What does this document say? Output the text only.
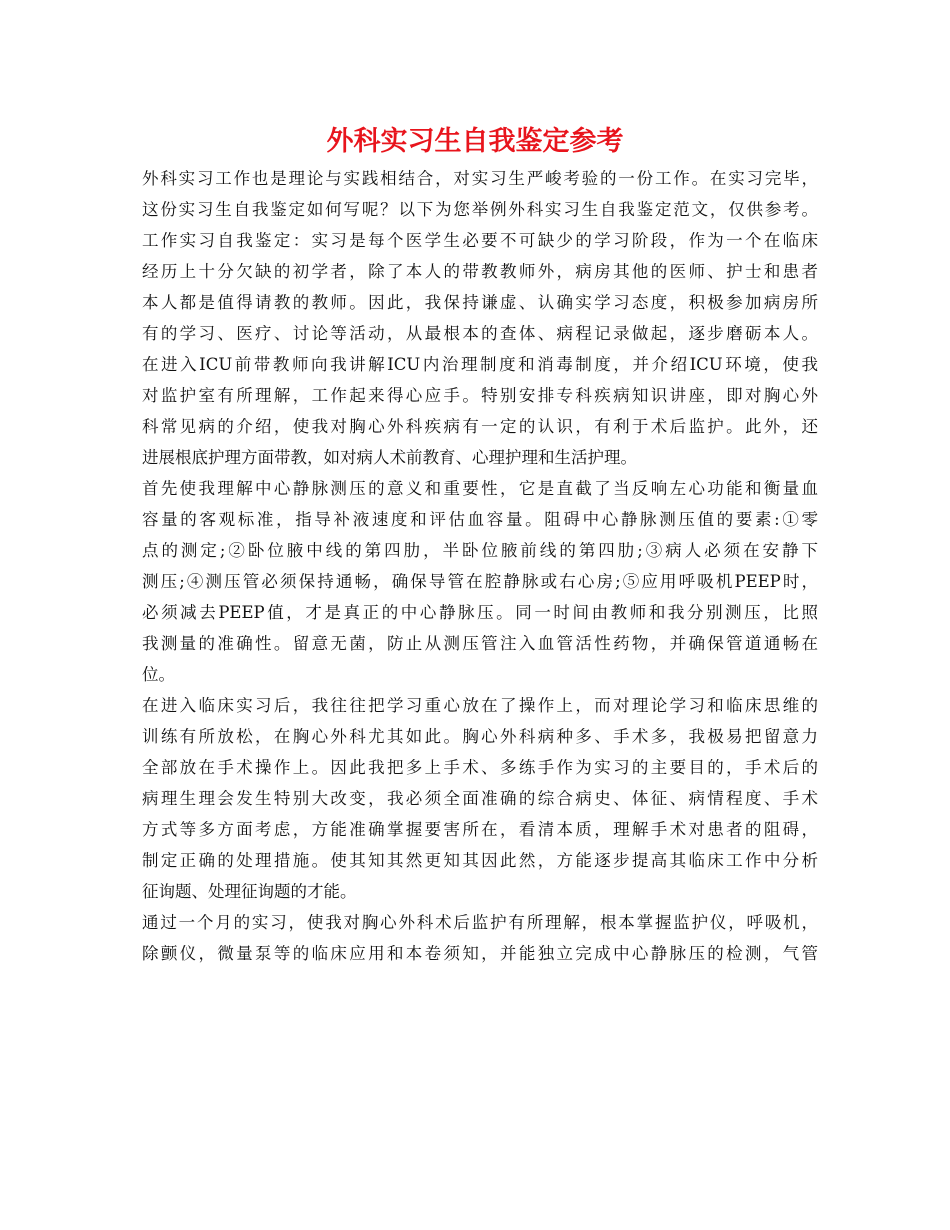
外科实习生自我鉴定参考
外科实习工作也是理论与实践相结合，对实习生严峻考验的一份工作。在实习完毕，
这份实习生自我鉴定如何写呢？以下为您举例外科实习生自我鉴定范文，仅供参考。
工作实习自我鉴定：实习是每个医学生必要不可缺少的学习阶段，作为一个在临床
经历上十分欠缺的初学者，除了本人的带教教师外，病房其他的医师、护士和患者
本人都是值得请教的教师。因此，我保持谦虚、认确实学习态度，积极参加病房所
有的学习、医疗、讨论等活动，从最根本的查体、病程记录做起，逐步磨砺本人。
在进入ICU前带教师向我讲解ICU内治理制度和消毒制度，并介绍ICU环境，使我
对监护室有所理解，工作起来得心应手。特别安排专科疾病知识讲座，即对胸心外
科常见病的介绍，使我对胸心外科疾病有一定的认识，有利于术后监护。此外，还
进展根底护理方面带教，如对病人术前教育、心理护理和生活护理。
首先使我理解中心静脉测压的意义和重要性，它是直截了当反响左心功能和衡量血
容量的客观标准，指导补液速度和评估血容量。阻碍中心静脉测压值的要素:①零
点的测定;②卧位腋中线的第四肋，半卧位腋前线的第四肋;③病人必须在安静下
测压;④测压管必须保持通畅，确保导管在腔静脉或右心房;⑤应用呼吸机PEEP时，
必须减去PEEP值，才是真正的中心静脉压。同一时间由教师和我分别测压，比照
我测量的准确性。留意无菌，防止从测压管注入血管活性药物，并确保管道通畅在
位。
在进入临床实习后，我往往把学习重心放在了操作上，而对理论学习和临床思维的
训练有所放松，在胸心外科尤其如此。胸心外科病种多、手术多，我极易把留意力
全部放在手术操作上。因此我把多上手术、多练手作为实习的主要目的，手术后的
病理生理会发生特别大改变，我必须全面准确的综合病史、体征、病情程度、手术
方式等多方面考虑，方能准确掌握要害所在，看清本质，理解手术对患者的阻碍，
制定正确的处理措施。使其知其然更知其因此然，方能逐步提高其临床工作中分析
征询题、处理征询题的才能。
通过一个月的实习，使我对胸心外科术后监护有所理解，根本掌握监护仪，呼吸机，
除颤仪，微量泵等的临床应用和本卷须知，并能独立完成中心静脉压的检测，气管
